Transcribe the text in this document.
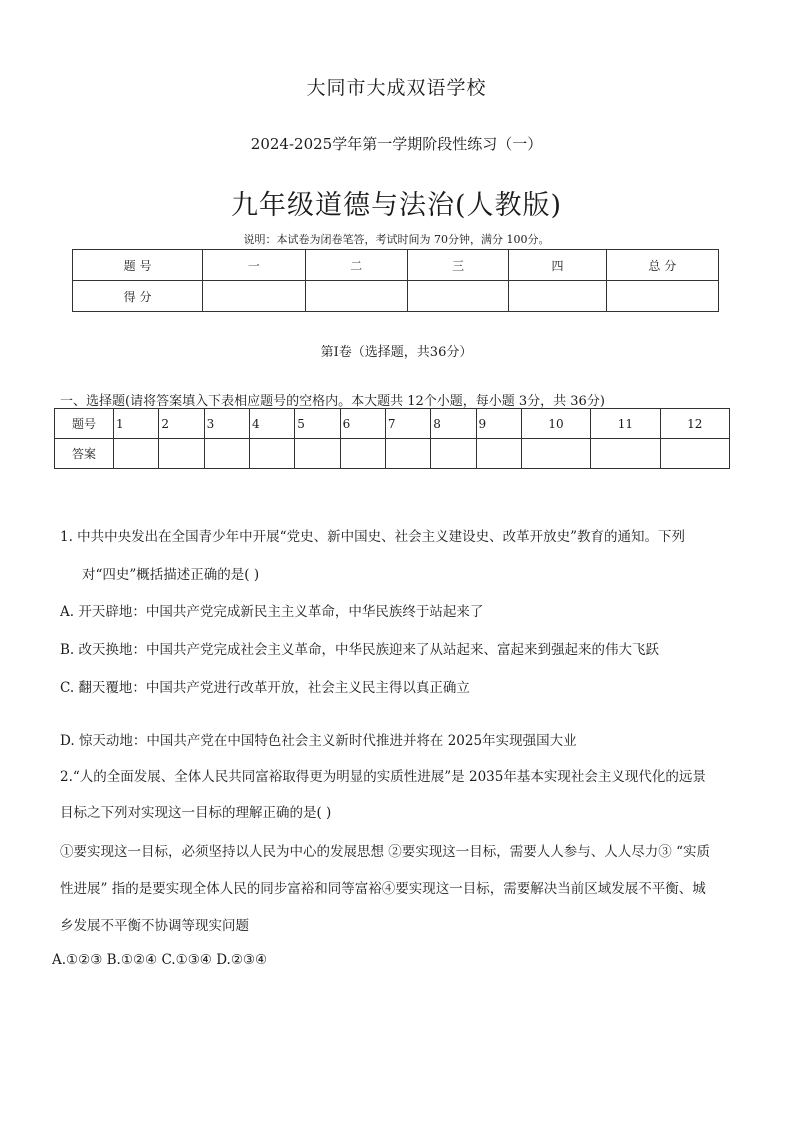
大同市大成双语学校
2024-2025学年第一学期阶段性练习（一）
九年级道德与法治(人教版)
说明：本试卷为闭卷笔答，考试时间为 70分钟，满分 100分。
题 号	一	二	三	四	总 分
得 分					
第Ⅰ卷（选择题，共36分）
一、选择题(请将答案填入下表相应题号的空格内。本大题共 12个小题，每小题 3分，共 36分)
题号	1	2	3	4	5	6	7	8	9	10	11	12
答案												
1. 中共中央发出在全国青少年中开展“党史、新中国史、社会主义建设史、改革开放史”教育的通知。下列
对“四史”概括描述正确的是( )
A. 开天辟地：中国共产党完成新民主主义革命，中华民族终于站起来了
B. 改天换地：中国共产党完成社会主义革命，中华民族迎来了从站起来、富起来到强起来的伟大飞跃
C. 翻天覆地：中国共产党进行改革开放，社会主义民主得以真正确立
D. 惊天动地：中国共产党在中国特色社会主义新时代推进并将在 2025年实现强国大业
2.“人的全面发展、全体人民共同富裕取得更为明显的实质性进展”是 2035年基本实现社会主义现代化的远景
目标之下列对实现这一目标的理解正确的是( )
①要实现这一目标，必须坚持以人民为中心的发展思想 ②要实现这一目标，需要人人参与、人人尽力③ “实质
性进展” 指的是要实现全体人民的同步富裕和同等富裕④要实现这一目标，需要解决当前区域发展不平衡、城
乡发展不平衡不协调等现实问题
A.①②③ B.①②④ C.①③④ D.②③④
